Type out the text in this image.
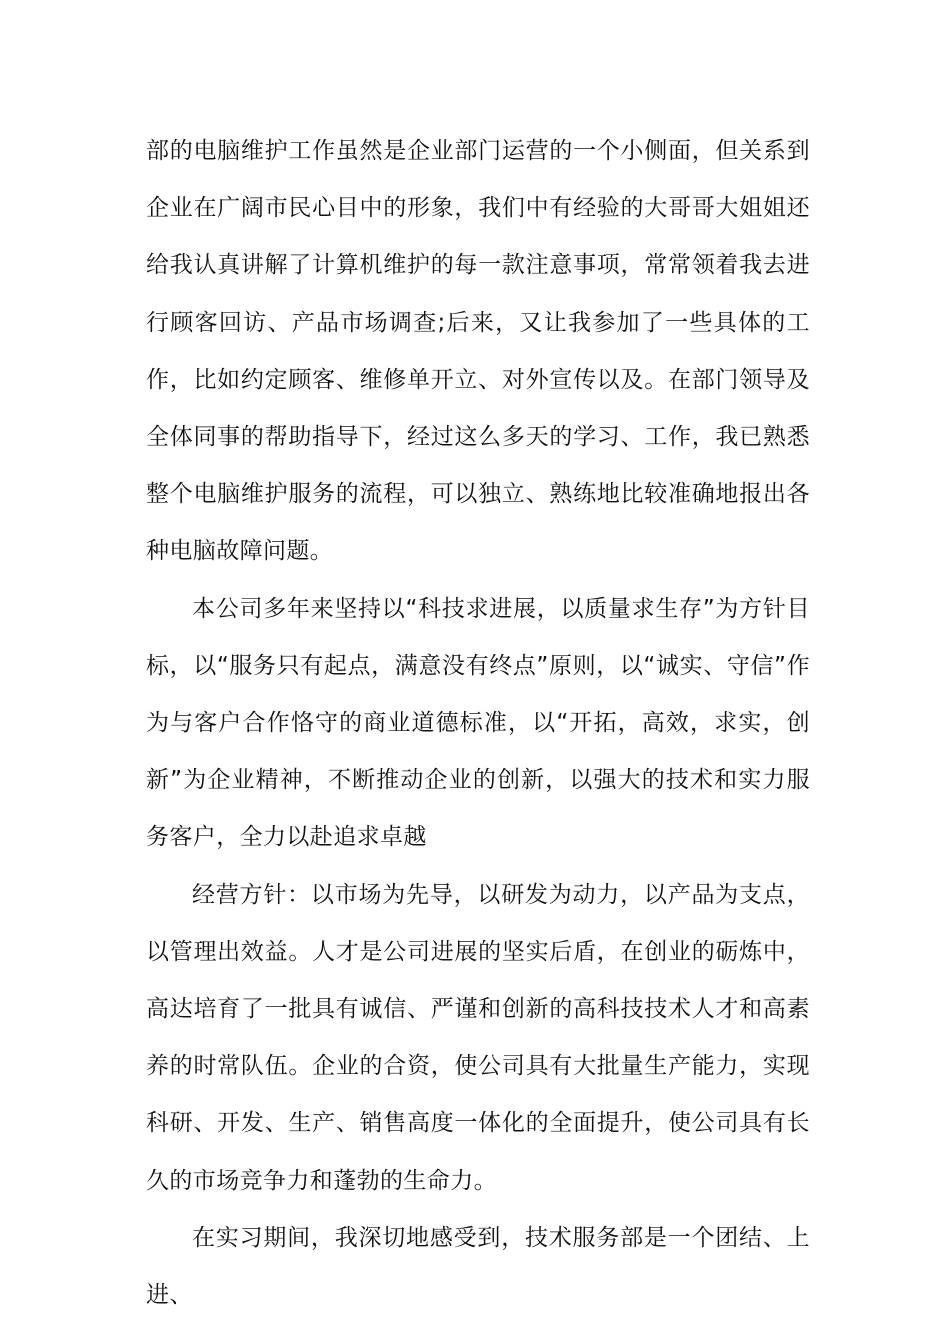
部的电脑维护工作虽然是企业部门运营的一个小侧面，但关系到企业在广阔市民心目中的形象，我们中有经验的大哥哥大姐姐还给我认真讲解了计算机维护的每一款注意事项，常常领着我去进行顾客回访、产品市场调查;后来，又让我参加了一些具体的工作，比如约定顾客、维修单开立、对外宣传以及。在部门领导及全体同事的帮助指导下，经过这么多天的学习、工作，我已熟悉整个电脑维护服务的流程，可以独立、熟练地比较准确地报出各种电脑故障问题。

本公司多年来坚持以“科技求进展，以质量求生存”为方针目标，以“服务只有起点，满意没有终点”原则，以“诚实、守信”作为与客户合作恪守的商业道德标准，以“开拓，高效，求实，创新”为企业精神，不断推动企业的创新，以强大的技术和实力服务客户，全力以赴追求卓越

经营方针：以市场为先导，以研发为动力，以产品为支点，以管理出效益。人才是公司进展的坚实后盾，在创业的砺炼中，高达培育了一批具有诚信、严谨和创新的高科技技术人才和高素养的时常队伍。企业的合资，使公司具有大批量生产能力，实现科研、开发、生产、销售高度一体化的全面提升，使公司具有长久的市场竞争力和蓬勃的生命力。

在实习期间，我深切地感受到，技术服务部是一个团结、上进、
